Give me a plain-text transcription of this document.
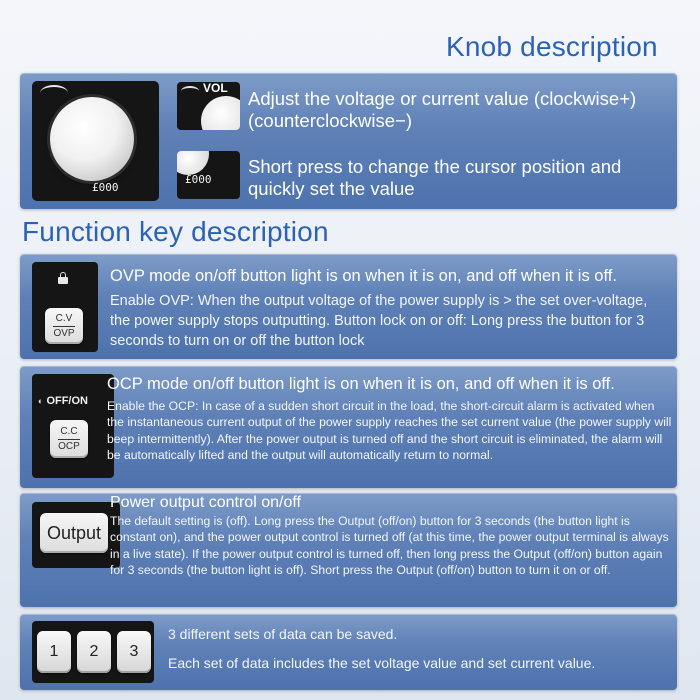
Knob description
£000
VOL Adjust the voltage or current value (clockwise+) (counterclockwise−)
£000
Short press to change the cursor position and quickly set the value
Function key description
C.V
OVP
OVP mode on/off button light is on when it is on, and off when it is off.
Enable OVP: When the output voltage of the power supply is > the set over-voltage, the power supply stops outputting. Button lock on or off: Long press the button for 3 seconds to turn on or off the button lock
◐ OFF/ON
C.C
OCP
OCP mode on/off button light is on when it is on, and off when it is off.
Enable the OCP: In case of a sudden short circuit in the load, the short-circuit alarm is activated when the instantaneous current output of the power supply reaches the set current value (the power supply will beep intermittently). After the power output is turned off and the short circuit is eliminated, the alarm will be automatically lifted and the output will automatically return to normal.
Output
Power output control on/off
The default setting is (off). Long press the Output (off/on) button for 3 seconds (the button light is constant on), and the power output control is turned off (at this time, the power output terminal is always in a live state). If the power output control is turned off, then long press the Output (off/on) button again for 3 seconds (the button light is off). Short press the Output (off/on) button to turn it on or off.
1	2	3
3 different sets of data can be saved.
Each set of data includes the set voltage value and set current value.
